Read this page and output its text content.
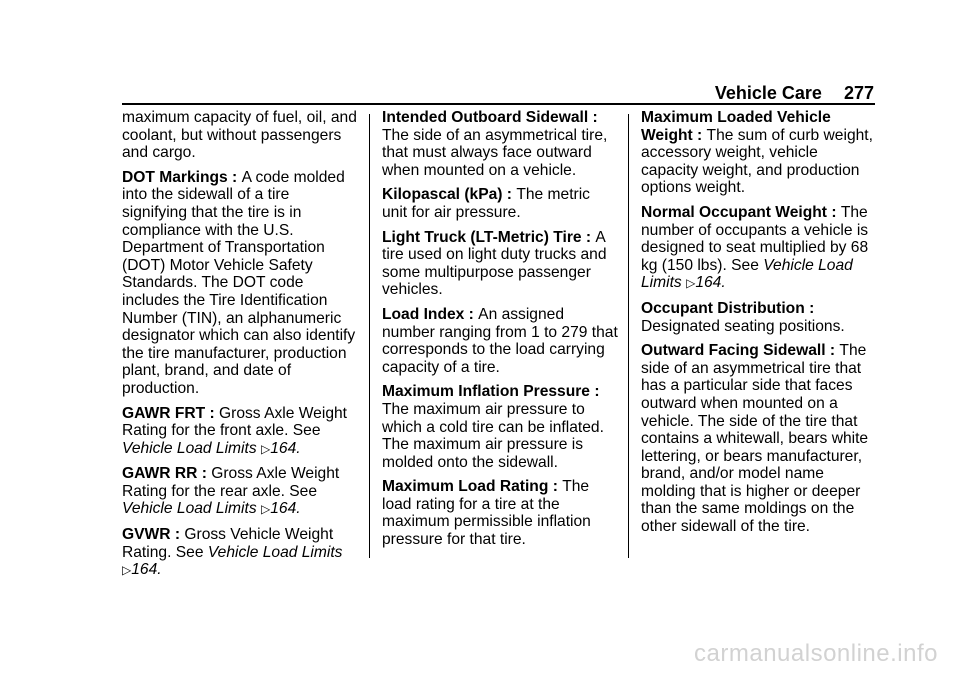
Vehicle Care 277

maximum capacity of fuel, oil, and coolant, but without passengers and cargo.

DOT Markings : A code molded into the sidewall of a tire signifying that the tire is in compliance with the U.S. Department of Transportation (DOT) Motor Vehicle Safety Standards. The DOT code includes the Tire Identification Number (TIN), an alphanumeric designator which can also identify the tire manufacturer, production plant, brand, and date of production.

GAWR FRT : Gross Axle Weight Rating for the front axle. See Vehicle Load Limits ▷164.

GAWR RR : Gross Axle Weight Rating for the rear axle. See Vehicle Load Limits ▷164.

GVWR : Gross Vehicle Weight Rating. See Vehicle Load Limits ▷164.

Intended Outboard Sidewall : The side of an asymmetrical tire, that must always face outward when mounted on a vehicle.

Kilopascal (kPa) : The metric unit for air pressure.

Light Truck (LT-Metric) Tire : A tire used on light duty trucks and some multipurpose passenger vehicles.

Load Index : An assigned number ranging from 1 to 279 that corresponds to the load carrying capacity of a tire.

Maximum Inflation Pressure : The maximum air pressure to which a cold tire can be inflated. The maximum air pressure is molded onto the sidewall.

Maximum Load Rating : The load rating for a tire at the maximum permissible inflation pressure for that tire.

Maximum Loaded Vehicle Weight : The sum of curb weight, accessory weight, vehicle capacity weight, and production options weight.

Normal Occupant Weight : The number of occupants a vehicle is designed to seat multiplied by 68 kg (150 lbs). See Vehicle Load Limits ▷164.

Occupant Distribution : Designated seating positions.

Outward Facing Sidewall : The side of an asymmetrical tire that has a particular side that faces outward when mounted on a vehicle. The side of the tire that contains a whitewall, bears white lettering, or bears manufacturer, brand, and/or model name molding that is higher or deeper than the same moldings on the other sidewall of the tire.

carmanualsonline.info
